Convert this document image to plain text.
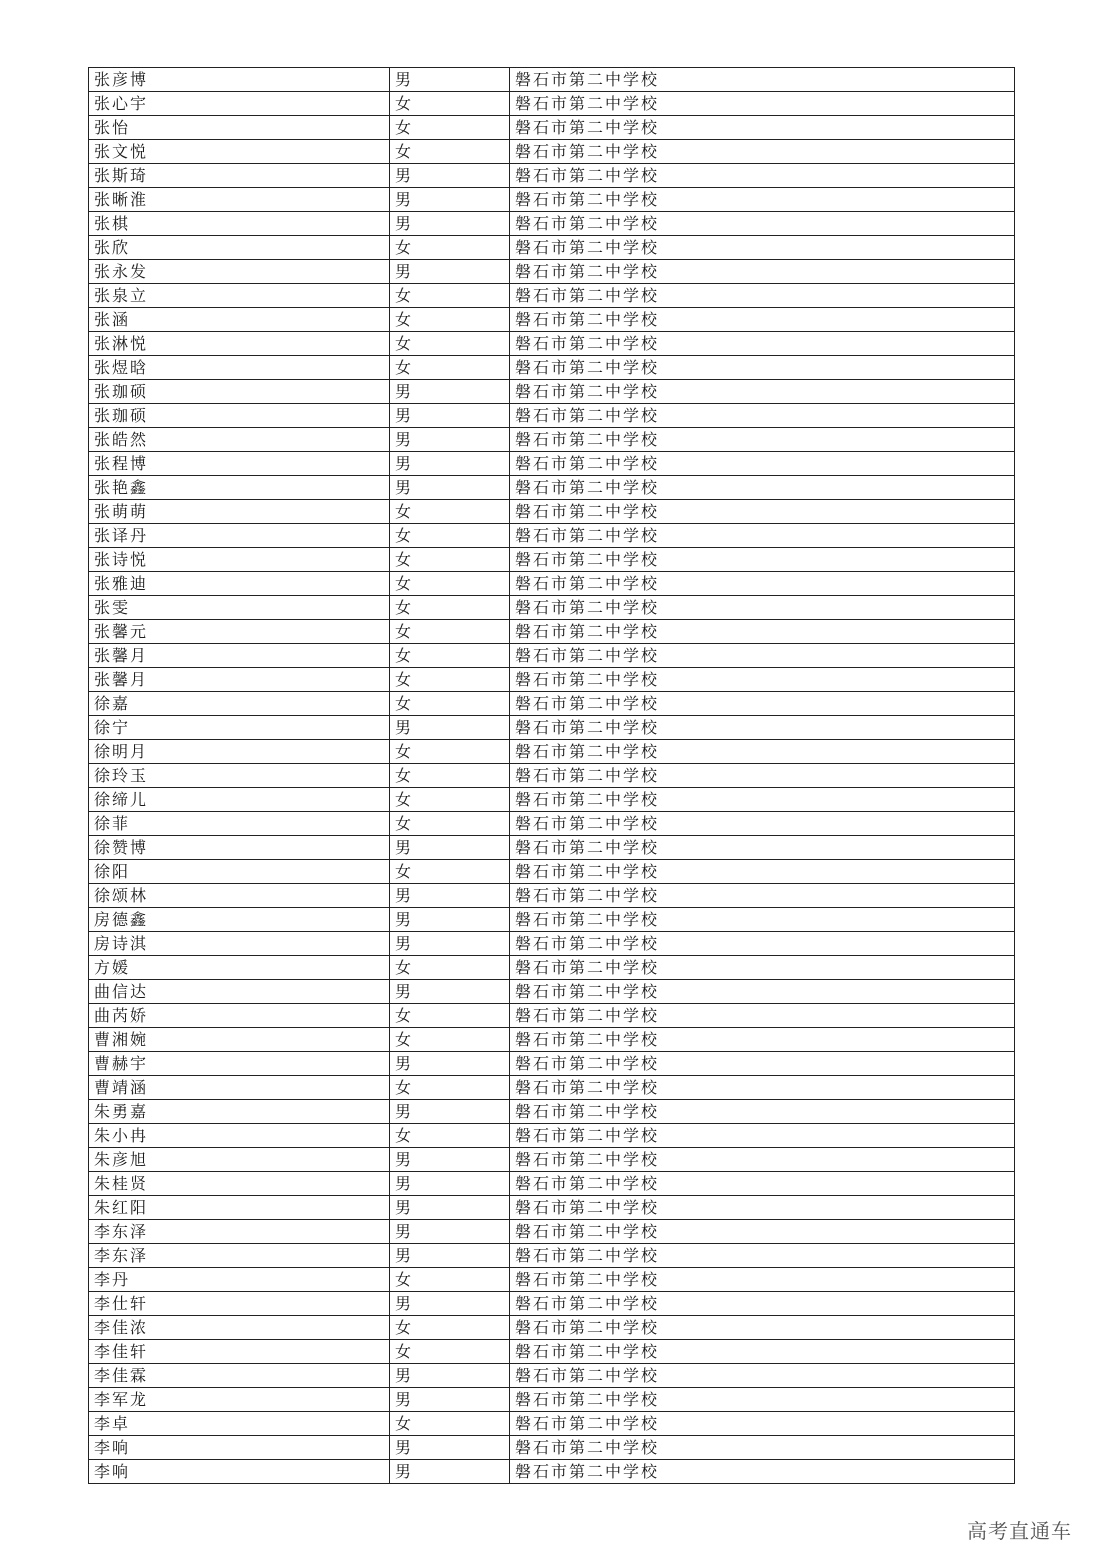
张彦博	男	磐石市第二中学校
张心宇	女	磐石市第二中学校
张怡	女	磐石市第二中学校
张文悦	女	磐石市第二中学校
张斯琦	男	磐石市第二中学校
张晰淮	男	磐石市第二中学校
张棋	男	磐石市第二中学校
张欣	女	磐石市第二中学校
张永发	男	磐石市第二中学校
张泉立	女	磐石市第二中学校
张涵	女	磐石市第二中学校
张淋悦	女	磐石市第二中学校
张煜晗	女	磐石市第二中学校
张珈硕	男	磐石市第二中学校
张珈硕	男	磐石市第二中学校
张皓然	男	磐石市第二中学校
张程博	男	磐石市第二中学校
张艳鑫	男	磐石市第二中学校
张萌萌	女	磐石市第二中学校
张译丹	女	磐石市第二中学校
张诗悦	女	磐石市第二中学校
张雅迪	女	磐石市第二中学校
张雯	女	磐石市第二中学校
张馨元	女	磐石市第二中学校
张馨月	女	磐石市第二中学校
张馨月	女	磐石市第二中学校
徐嘉	女	磐石市第二中学校
徐宁	男	磐石市第二中学校
徐明月	女	磐石市第二中学校
徐玲玉	女	磐石市第二中学校
徐缔儿	女	磐石市第二中学校
徐菲	女	磐石市第二中学校
徐赞博	男	磐石市第二中学校
徐阳	女	磐石市第二中学校
徐颂林	男	磐石市第二中学校
房德鑫	男	磐石市第二中学校
房诗淇	男	磐石市第二中学校
方媛	女	磐石市第二中学校
曲信达	男	磐石市第二中学校
曲芮娇	女	磐石市第二中学校
曹湘婉	女	磐石市第二中学校
曹赫宇	男	磐石市第二中学校
曹靖涵	女	磐石市第二中学校
朱勇嘉	男	磐石市第二中学校
朱小冉	女	磐石市第二中学校
朱彦旭	男	磐石市第二中学校
朱桂贤	男	磐石市第二中学校
朱红阳	男	磐石市第二中学校
李东泽	男	磐石市第二中学校
李东泽	男	磐石市第二中学校
李丹	女	磐石市第二中学校
李仕轩	男	磐石市第二中学校
李佳浓	女	磐石市第二中学校
李佳轩	女	磐石市第二中学校
李佳霖	男	磐石市第二中学校
李军龙	男	磐石市第二中学校
李卓	女	磐石市第二中学校
李响	男	磐石市第二中学校
李响	男	磐石市第二中学校
高考直通车
